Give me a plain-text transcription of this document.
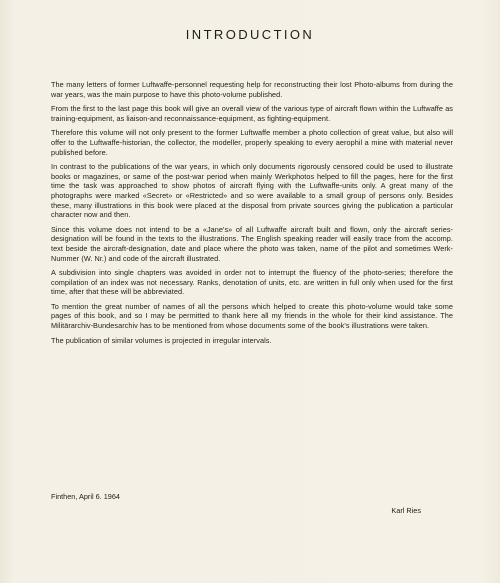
INTRODUCTION

The many letters of former Luftwaffe-personnel requesting help for reconstructing their lost Photo-albums from during the war years, was the main purpose to have this photo-volume published.

From the first to the last page this book will give an overall view of the various type of aircraft flown within the Luftwaffe as training-equipment, as liaison-and reconnaissance-equipment, as fighting-equipment.

Therefore this volume will not only present to the former Luftwaffe member a photo collection of great value, but also will offer to the Luftwaffe-historian, the collector, the modeller, properly speaking to every aerophil a mine with material never published before.

In contrast to the publications of the war years, in which only documents rigorously censored could be used to illustrate books or magazines, or same of the post-war period when mainly Werkphotos helped to fill the pages, here for the first time the task was approached to show photos of aircraft flying with the Luftwaffe-units only. A great many of the photographs were marked «Secret» or «Restricted» and so were available to a small group of persons only. Besides these, many illustrations in this book were placed at the disposal from private sources giving the publication a particular character now and then.

Since this volume does not intend to be a «Jane's» of all Luftwaffe aircraft built and flown, only the aircraft series-designation will be found in the texts to the illustrations. The English speaking reader will easily trace from the accomp. text beside the aircraft-designation, date and place where the photo was taken, name of the pilot and sometimes Werk-Nummer (W. Nr.) and code of the aircraft illustrated.

A subdivision into single chapters was avoided in order not to interrupt the fluency of the photo-series; therefore the compilation of an index was not necessary. Ranks, denotation of units, etc. are written in full only when used for the first time, after that these will be abbreviated.

To mention the great number of names of all the persons which helped to create this photo-volume would take some pages of this book, and so I may be permitted to thank here all my friends in the whole for their kind assistance. The Militärarchiv-Bundesarchiv has to be mentioned from whose documents some of the book's illustrations were taken.

The publication of similar volumes is projected in irregular intervals.

Finthen, April 6. 1964
Karl Ries
